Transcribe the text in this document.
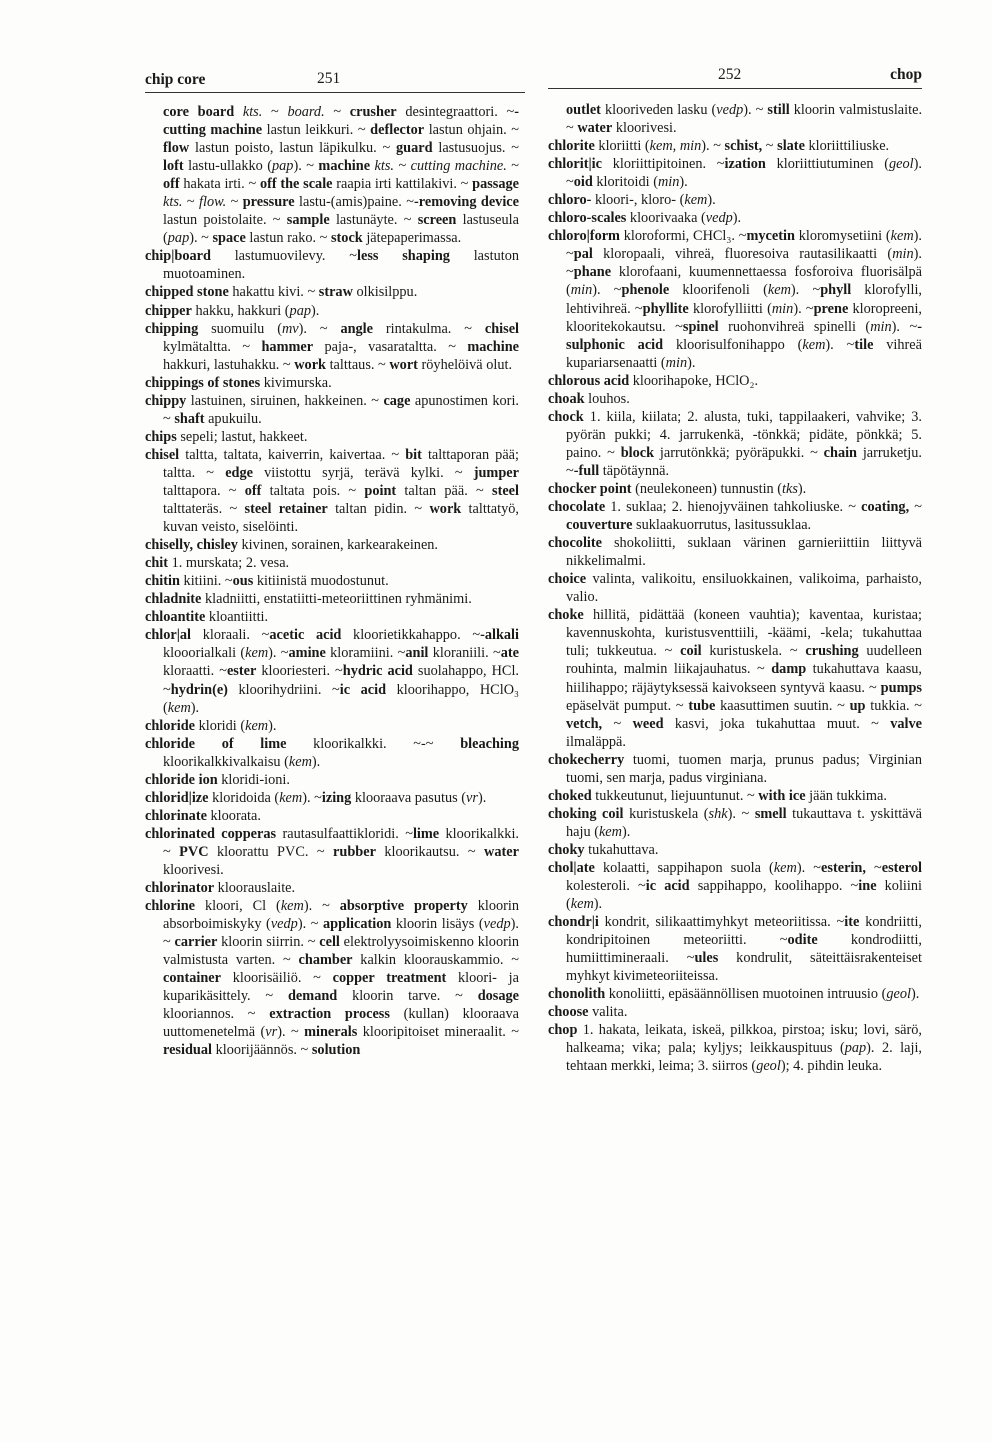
chip core	251	252	chop

core board kts. ~ board. ~ crusher desintegraattori. ~-cutting machine lastun leikkuri. ~ deflector lastun ohjain. ~ flow lastun poisto, lastun läpikulku. ~ guard lastusuojus. ~ loft lastu-ullakko (pap). ~ machine kts. ~ cutting machine. ~ off hakata irti. ~ off the scale raapia irti kattilakivi. ~ passage kts. ~ flow. ~ pressure lastu-(amis)paine. ~-removing device lastun poistolaite. ~ sample lastunäyte. ~ screen lastuseula (pap). ~ space lastun rako. ~ stock jätepaperimassa.

chip|board lastumuovilevy. ~less shaping lastuton muotoaminen.

chipped stone hakattu kivi. ~ straw olkisilppu.

chipper hakku, hakkuri (pap).

chipping suomuilu (mv). ~ angle rintakulma. ~ chisel kylmätaltta. ~ hammer paja-, vasarataltta. ~ machine hakkuri, lastuhakku. ~ work talttaus. ~ wort röyhelöivä olut.

chippings of stones kivimurska.

chippy lastuinen, siruinen, hakkeinen. ~ cage apunostimen kori. ~ shaft apukuilu.

chips sepeli; lastut, hakkeet.

chisel taltta, taltata, kaiverrin, kaivertaa. ~ bit talttaporan pää; taltta. ~ edge viistottu syrjä, terävä kylki. ~ jumper talttapora. ~ off taltata pois. ~ point taltan pää. ~ steel talttateräs. ~ steel retainer taltan pidin. ~ work talttatyö, kuvan veisto, siselöinti.

chiselly, chisley kivinen, sorainen, karkearakeinen.

chit 1. murskata; 2. vesa.

chitin kitiini. ~ous kitiinistä muodostunut.

chladnite kladniitti, enstatiitti-meteoriittinen ryhmänimi.

chloantite kloantiitti.

chlor|al kloraali. ~acetic acid kloorietikkahappo. ~-alkali klooorialkali (kem). ~amine kloramiini. ~anil kloraniili. ~ate kloraatti. ~ester klooriesteri. ~hydric acid suolahappo, HCl. ~hydrin(e) kloorihydriini. ~ic acid kloorihappo, HClO₃ (kem).

chloride kloridi (kem).

chloride of lime kloorikalkki. ~-~ bleaching kloorikalkkivalkaisu (kem).

chloride ion kloridi-ioni.

chlorid|ize kloridoida (kem). ~izing klooraava pasutus (vr).

chlorinate kloorata.

chlorinated copperas rautasulfaattikloridi. ~lime kloorikalkki. ~ PVC kloorattu PVC. ~ rubber kloorikautsu. ~ water kloorivesi.

chlorinator kloorauslaite.

chlorine kloori, Cl (kem). ~ absorptive property kloorin absorboimiskyky (vedp). ~ application kloorin lisäys (vedp). ~ carrier kloorin siirrin. ~ cell elektrolyysoimiskenno kloorin valmistusta varten. ~ chamber kalkin kloorauskammio. ~ container kloorisäiliö. ~ copper treatment kloori- ja kuparikäsittely. ~ demand kloorin tarve. ~ dosage klooriannos. ~ extraction process (kullan) klooraava uuttomenetelmä (vr). ~ minerals klooripitoiset mineraalit. ~ residual kloorijäännös. ~ solution

outlet klooriveden lasku (vedp). ~ still kloorin valmistuslaite. ~ water kloorivesi.

chlorite kloriitti (kem, min). ~ schist, ~ slate kloriittiliuske.

chlorit|ic kloriittipitoinen. ~ization kloriittiutuminen (geol). ~oid kloritoidi (min).

chloro- kloori-, kloro- (kem).

chloro-scales kloorivaaka (vedp).

chloro|form kloroformi, CHCl₃. ~mycetin kloromysetiini (kem). ~pal kloropaali, vihreä, fluoresoiva rautasilikaatti (min). ~phane klorofaani, kuumennettaessa fosforoiva fluorisälpä (min). ~phenole kloorifenoli (kem). ~phyll klorofylli, lehtivihreä. ~phyllite klorofylliitti (min). ~prene kloropreeni, klooritekokautsu. ~spinel ruohonvihreä spinelli (min). ~-sulphonic acid kloorisulfonihappo (kem). ~tile vihreä kupariarsenaatti (min).

chlorous acid kloorihapoke, HClO₂.

choak louhos.

chock 1. kiila, kiilata; 2. alusta, tuki, tappilaakeri, vahvike; 3. pyörän pukki; 4. jarrukenkä, -tönkkä; pidäte, pönkkä; 5. paino. ~ block jarrutönkkä; pyöräpukki. ~ chain jarruketju. ~-full täpötäynnä.

chocker point (neulekoneen) tunnustin (tks).

chocolate 1. suklaa; 2. hienojyväinen tahkoliuske. ~ coating, ~ couverture suklaakuorrutus, lasitussuklaa.

chocolite shokoliitti, suklaan värinen garnieriittiin liittyvä nikkelimalmi.

choice valinta, valikoitu, ensiluokkainen, valikoima, parhaisto, valio.

choke hillitä, pidättää (koneen vauhtia); kaventaa, kuristaa; kavennuskohta, kuristusventtiili, -käämi, -kela; tukahuttaa tuli; tukkeutua. ~ coil kuristuskela. ~ crushing uudelleen rouhinta, malmin liikajauhatus. ~ damp tukahuttava kaasu, hiilihappo; räjäytyksessä kaivokseen syntyvä kaasu. ~ pumps epäselvät pumput. ~ tube kaasuttimen suutin. ~ up tukkia. ~ vetch, ~ weed kasvi, joka tukahuttaa muut. ~ valve ilmaläppä.

chokecherry tuomi, tuomen marja, prunus padus; Virginian tuomi, sen marja, padus virginiana.

choked tukkeutunut, liejuuntunut. ~ with ice jään tukkima.

choking coil kuristuskela (shk). ~ smell tukauttava t. yskittävä haju (kem).

choky tukahuttava.

chol|ate kolaatti, sappihapon suola (kem). ~esterin, ~esterol kolesteroli. ~ic acid sappihappo, koolihappo. ~ine koliini (kem).

chondr|i kondrit, silikaattimyhkyt meteoriitissa. ~ite kondriitti, kondripitoinen meteoriitti. ~odite kondrodiitti, humiittimineraali. ~ules kondrulit, säteittäisrakenteiset myhkyt kivimeteoriiteissa.

chonolith konoliitti, epäsäännöllisen muotoinen intruusio (geol).

choose valita.

chop 1. hakata, leikata, iskeä, pilkkoa, pirstoa; isku; lovi, särö, halkeama; vika; pala; kyljys; leikkauspituus (pap). 2. laji, tehtaan merkki, leima; 3. siirros (geol); 4. pihdin leuka.
